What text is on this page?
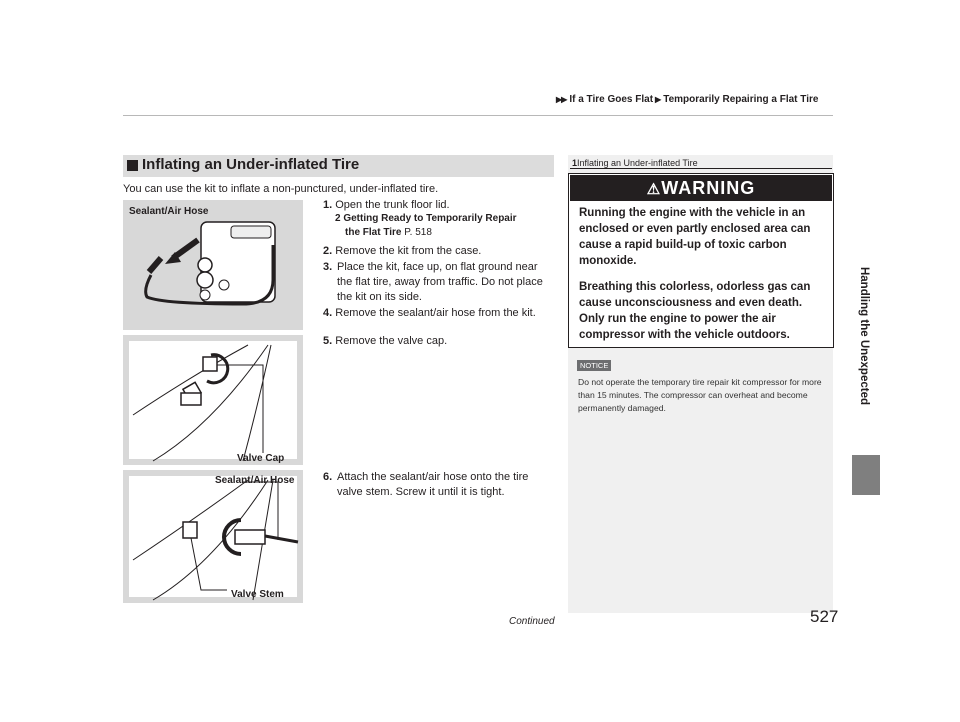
▶▶ If a Tire Goes Flat ▶ Temporarily Repairing a Flat Tire
Handling the Unexpected
Inflating an Under-inflated Tire
You can use the kit to inflate a non-punctured, under-inflated tire.
Sealant/Air Hose
Valve Cap
Sealant/Air Hose
Valve Stem
1. Open the trunk floor lid.
2 Getting Ready to Temporarily Repair
the Flat Tire P. 518
2. Remove the kit from the case.
3. Place the kit, face up, on flat ground near the flat tire, away from traffic. Do not place the kit on its side.
4. Remove the sealant/air hose from the kit.
5. Remove the valve cap.
6. Attach the sealant/air hose onto the tire valve stem. Screw it until it is tight.
1Inflating an Under-inflated Tire
⚠WARNING

Running the engine with the vehicle in an enclosed or even partly enclosed area can cause a rapid build-up of toxic carbon monoxide.

Breathing this colorless, odorless gas can cause unconsciousness and even death. Only run the engine to power the air compressor with the vehicle outdoors.

NOTICE
Do not operate the temporary tire repair kit compressor for more than 15 minutes. The compressor can overheat and become permanently damaged.
Continued	527
